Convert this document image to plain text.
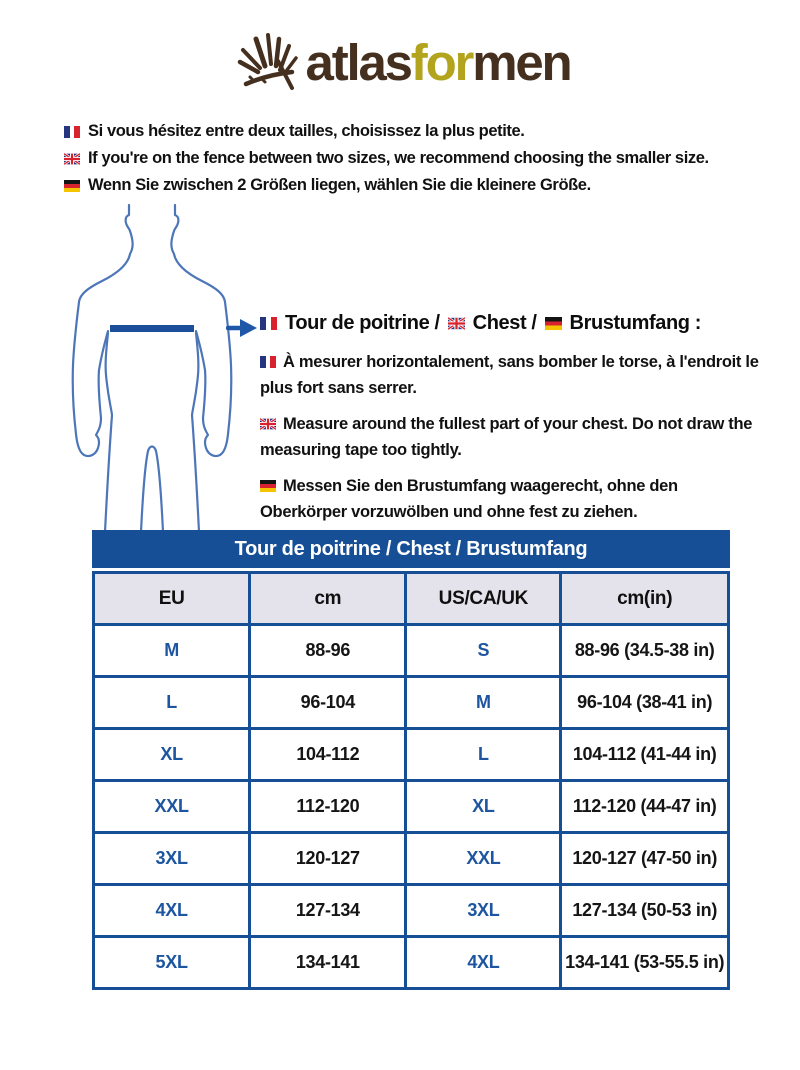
atlasformen
Si vous hésitez entre deux tailles, choisissez la plus petite.
If you're on the fence between two sizes, we recommend choosing the smaller size.
Wenn Sie zwischen 2 Größen liegen, wählen Sie die kleinere Größe.
Tour de poitrine / Chest / Brustumfang :

À mesurer horizontalement, sans bomber le torse, à l'endroit le plus fort sans serrer.

Measure around the fullest part of your chest. Do not draw the measuring tape too tightly.

Messen Sie den Brustumfang waagerecht, ohne den Oberkörper vorzuwölben und ohne fest zu ziehen.

Tour de poitrine / Chest / Brustumfang
EU	cm	US/CA/UK	cm(in)
M	88-96	S	88-96 (34.5-38 in)
L	96-104	M	96-104 (38-41 in)
XL	104-112	L	104-112 (41-44 in)
XXL	112-120	XL	112-120 (44-47 in)
3XL	120-127	XXL	120-127 (47-50 in)
4XL	127-134	3XL	127-134 (50-53 in)
5XL	134-141	4XL	134-141 (53-55.5 in)
